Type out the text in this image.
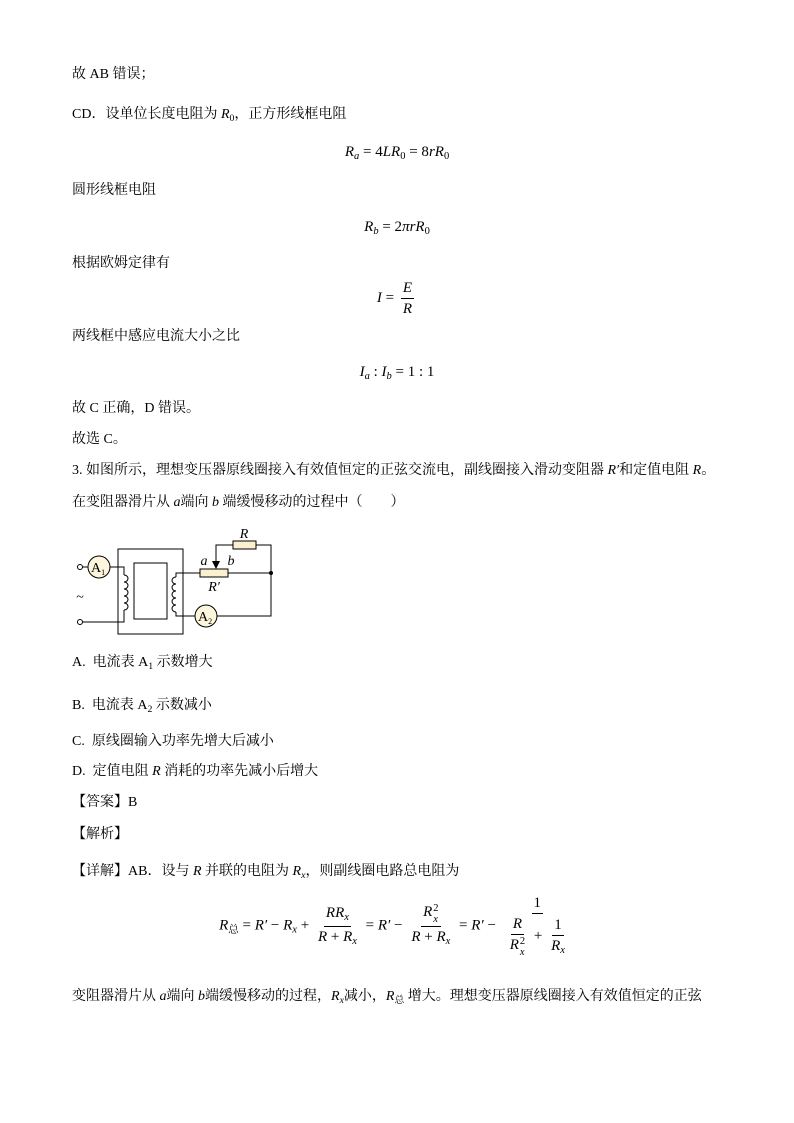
故 AB 错误；
CD．设单位长度电阻为 $R_0$，正方形线框电阻
$R_a = 4LR_0 = 8rR_0$
圆形线框电阻
$R_b = 2\pi rR_0$
根据欧姆定律有
$I = \frac{E}{R}$
两线框中感应电流大小之比
$I_a$ : $I_b = 1$ : 1
故 C 正确，D 错误。
故选 C。
3. 如图所示，理想变压器原线圈接入有效值恒定的正弦交流电，副线圈接入滑动变阻器 R′和定值电阻 R。
在变阻器滑片从 a端向 b 端缓慢移动的过程中（　　）
~
$A_1$
$A_2$
R
a b
R′
A.  电流表 $A_1$ 示数增大
B.  电流表 $A_2$ 示数减小
C.  原线圈输入功率先增大后减小
D.  定值电阻 R 消耗的功率先减小后增大
【答案】B
【解析】
【详解】AB．设与 R 并联的电阻为 $R_x$，则副线圈电路总电阻为
$R_总 = R' - R_x + \frac{RR_x}{R + R_x} = R' - R$ 2
x
$R + R_x = R' - 1$
R
R 2
$x + \frac{1}{R_x}$
变阻器滑片从 a端向 b端缓慢移动的过程，$R_x$减小，$R_总$ 增大。理想变压器原线圈接入有效值恒定的正弦
